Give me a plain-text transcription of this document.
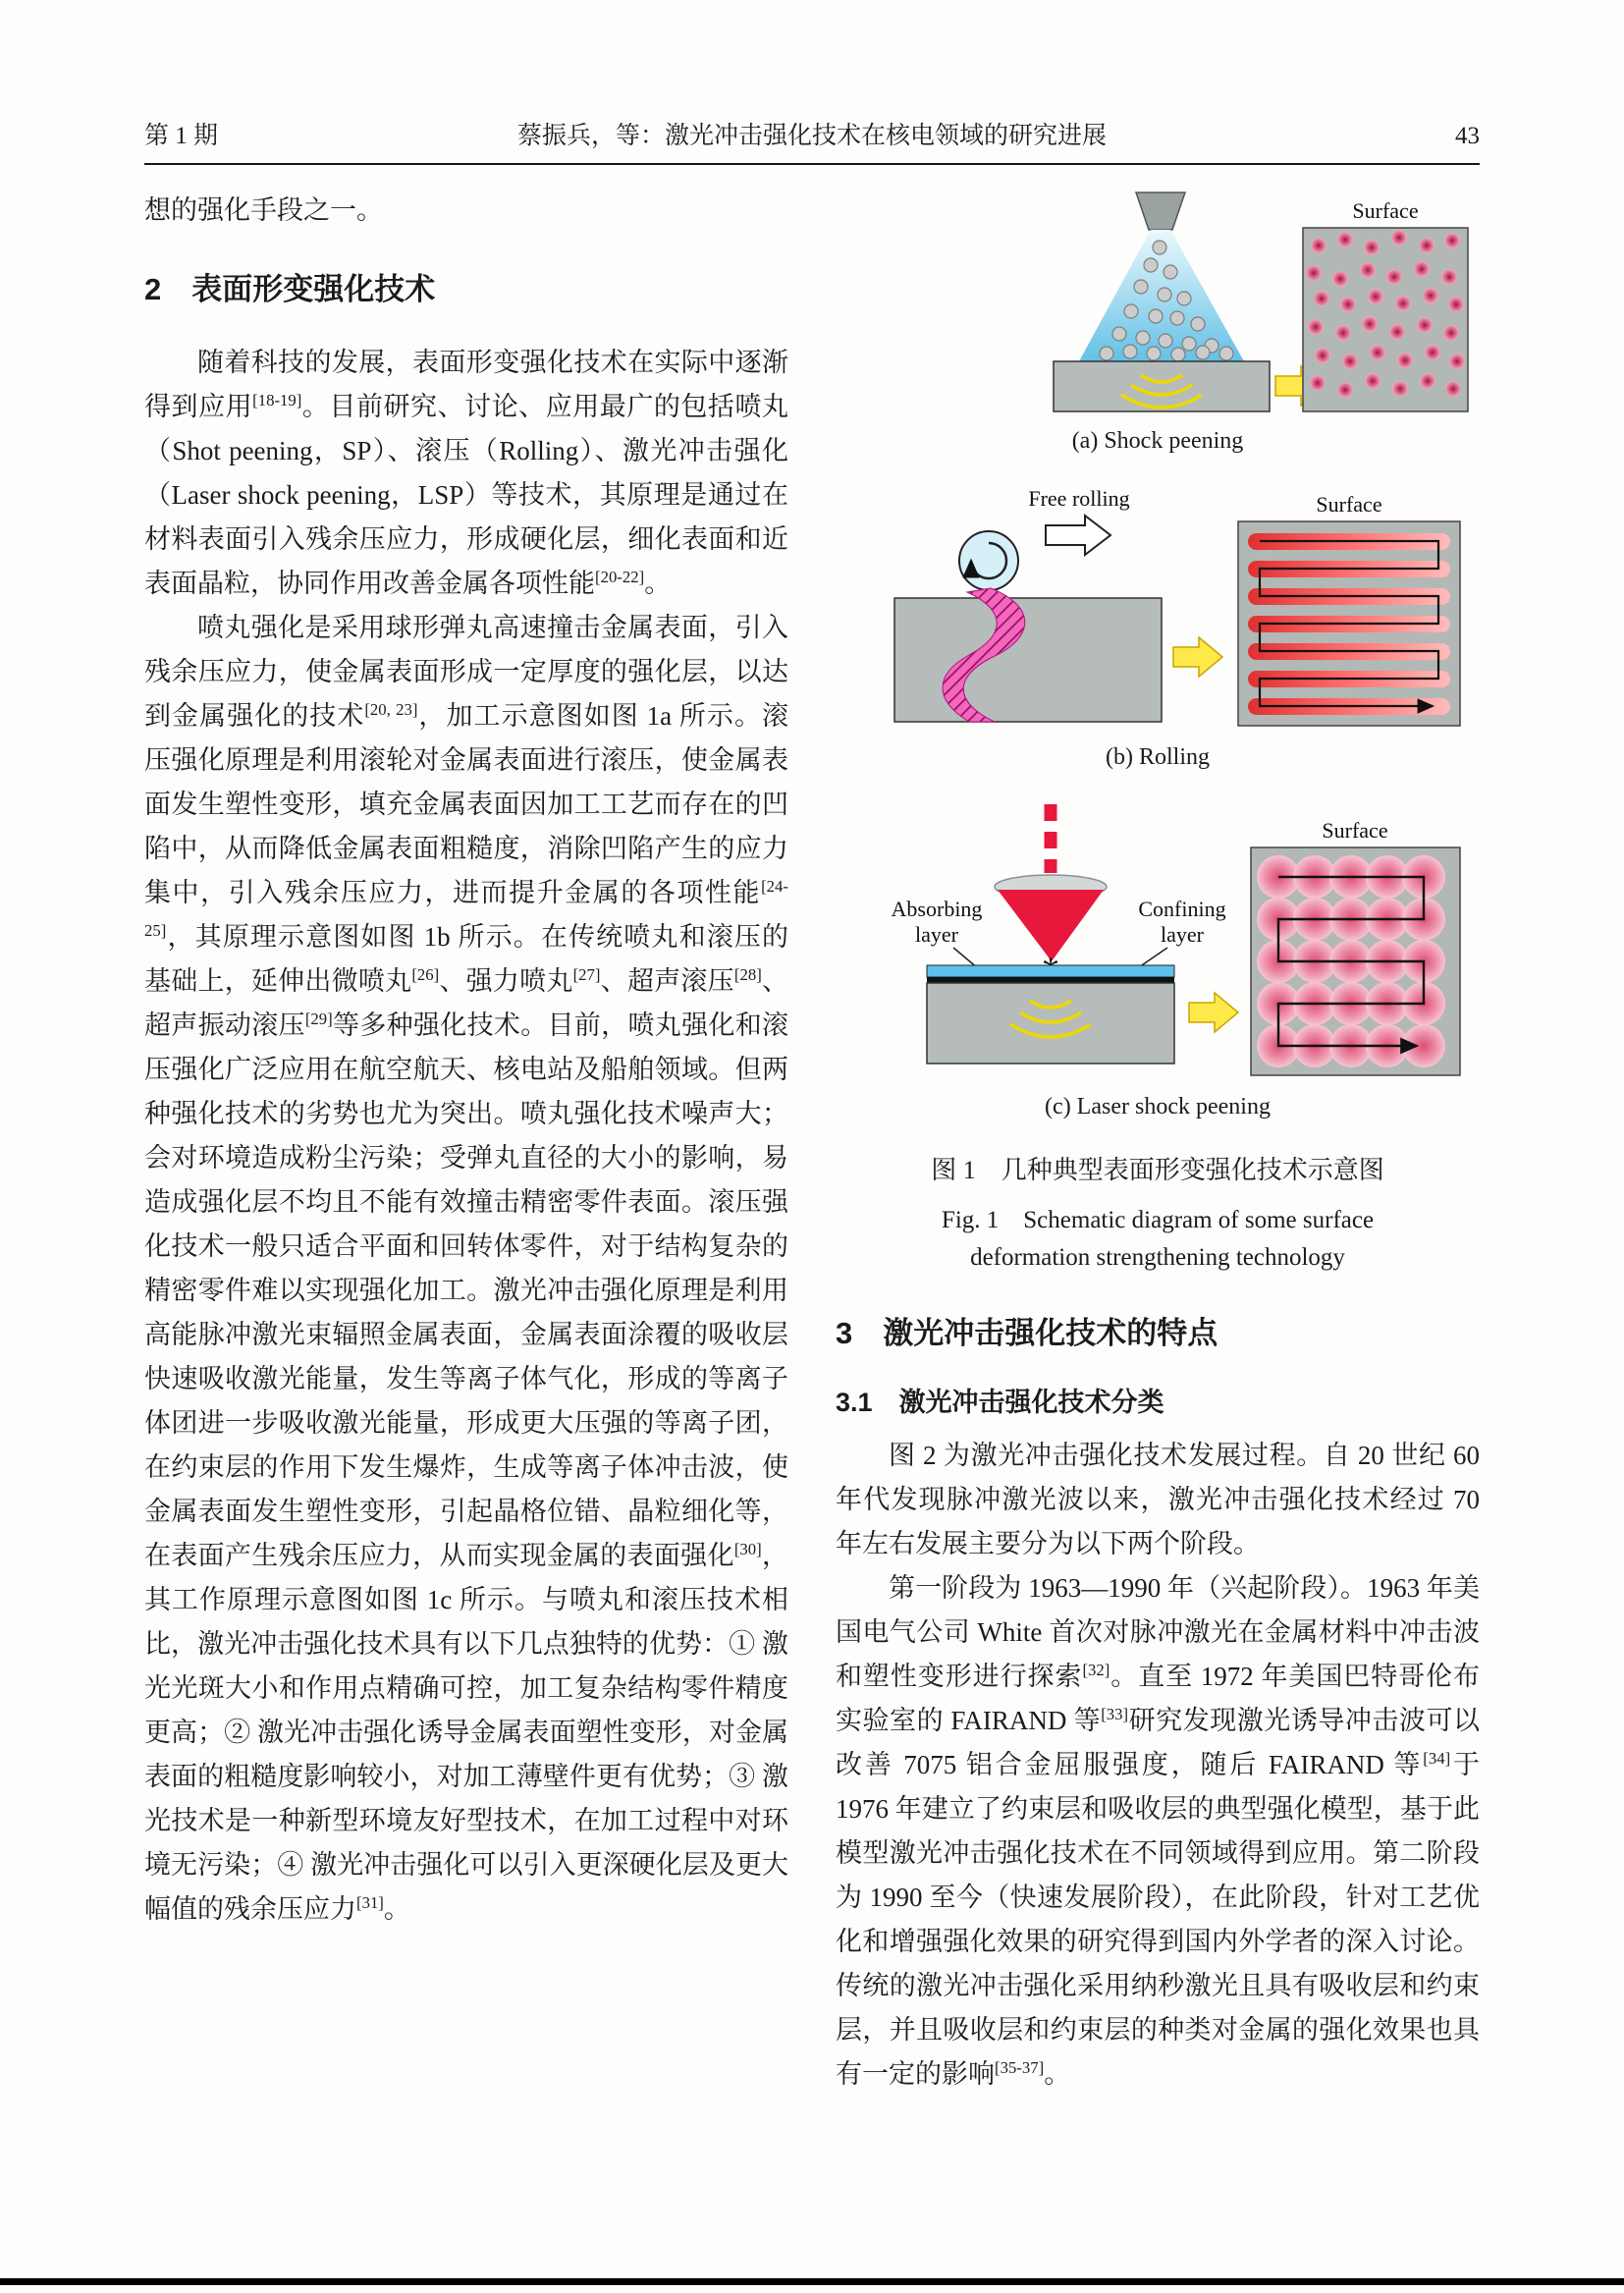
第 1 期	蔡振兵，等：激光冲击强化技术在核电领域的研究进展	43

想的强化手段之一。

2　表面形变强化技术

随着科技的发展，表面形变强化技术在实际中逐渐得到应用[18-19]。目前研究、讨论、应用最广的包括喷丸（Shot peening，SP）、滚压（Rolling）、激光冲击强化（Laser shock peening，LSP）等技术，其原理是通过在材料表面引入残余压应力，形成硬化层，细化表面和近表面晶粒，协同作用改善金属各项性能[20-22]。

喷丸强化是采用球形弹丸高速撞击金属表面，引入残余压应力，使金属表面形成一定厚度的强化层，以达到金属强化的技术[20, 23]，加工示意图如图 1a 所示。滚压强化原理是利用滚轮对金属表面进行滚压，使金属表面发生塑性变形，填充金属表面因加工工艺而存在的凹陷中，从而降低金属表面粗糙度，消除凹陷产生的应力集中，引入残余压应力，进而提升金属的各项性能[24-25]，其原理示意图如图 1b 所示。在传统喷丸和滚压的基础上，延伸出微喷丸[26]、强力喷丸[27]、超声滚压[28]、超声振动滚压[29]等多种强化技术。目前，喷丸强化和滚压强化广泛应用在航空航天、核电站及船舶领域。但两种强化技术的劣势也尤为突出。喷丸强化技术噪声大；会对环境造成粉尘污染；受弹丸直径的大小的影响，易造成强化层不均且不能有效撞击精密零件表面。滚压强化技术一般只适合平面和回转体零件，对于结构复杂的精密零件难以实现强化加工。激光冲击强化原理是利用高能脉冲激光束辐照金属表面，金属表面涂覆的吸收层快速吸收激光能量，发生等离子体气化，形成的等离子体团进一步吸收激光能量，形成更大压强的等离子团，在约束层的作用下发生爆炸，生成等离子体冲击波，使金属表面发生塑性变形，引起晶格位错、晶粒细化等，在表面产生残余压应力，从而实现金属的表面强化[30]，其工作原理示意图如图 1c 所示。与喷丸和滚压技术相比，激光冲击强化技术具有以下几点独特的优势：① 激光光斑大小和作用点精确可控，加工复杂结构零件精度更高；② 激光冲击强化诱导金属表面塑性变形，对金属表面的粗糙度影响较小，对加工薄壁件更有优势；③ 激光技术是一种新型环境友好型技术，在加工过程中对环境无污染；④ 激光冲击强化可以引入更深硬化层及更大幅值的残余压应力[31]。

Surface
(a) Shock peening
Free rolling	Surface
(b) Rolling
Absorbing
layer
Confining
layer
Surface
(c) Laser shock peening
图 1　几种典型表面形变强化技术示意图
Fig. 1　Schematic diagram of some surface
deformation strengthening technology
3　激光冲击强化技术的特点
3.1　激光冲击强化技术分类

图 2 为激光冲击强化技术发展过程。自 20 世纪 60 年代发现脉冲激光波以来，激光冲击强化技术经过 70 年左右发展主要分为以下两个阶段。

第一阶段为 1963—1990 年（兴起阶段）。1963 年美国电气公司 White 首次对脉冲激光在金属材料中冲击波和塑性变形进行探索[32]。直至 1972 年美国巴特哥伦布实验室的 FAIRAND 等[33]研究发现激光诱导冲击波可以改善 7075 铝合金屈服强度，随后 FAIRAND 等[34]于 1976 年建立了约束层和吸收层的典型强化模型，基于此模型激光冲击强化技术在不同领域得到应用。第二阶段为 1990 至今（快速发展阶段），在此阶段，针对工艺优化和增强强化效果的研究得到国内外学者的深入讨论。传统的激光冲击强化采用纳秒激光且具有吸收层和约束层，并且吸收层和约束层的种类对金属的强化效果也具有一定的影响[35-37]。
